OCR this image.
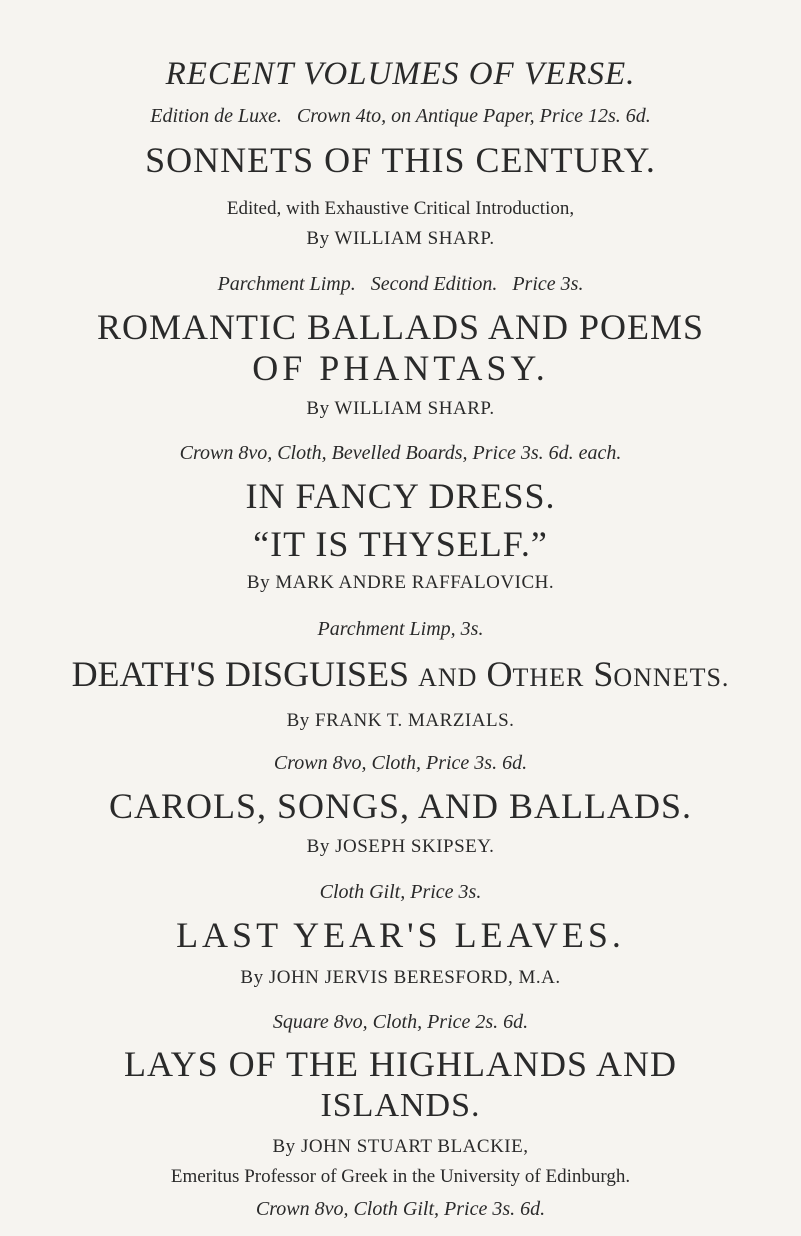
RECENT VOLUMES OF VERSE.

Edition de Luxe. Crown 4to, on Antique Paper, Price 12s. 6d.

SONNETS OF THIS CENTURY.

Edited, with Exhaustive Critical Introduction,

By WILLIAM SHARP.

Parchment Limp. Second Edition. Price 3s.

ROMANTIC BALLADS AND POEMS

OF PHANTASY.

By WILLIAM SHARP.

Crown 8vo, Cloth, Bevelled Boards, Price 3s. 6d. each.

IN FANCY DRESS.

“IT IS THYSELF.”

By MARK ANDRE RAFFALOVICH.

Parchment Limp, 3s.

DEATH'S DISGUISES AND OTHER SONNETS.

By FRANK T. MARZIALS.

Crown 8vo, Cloth, Price 3s. 6d.

CAROLS, SONGS, AND BALLADS.

By JOSEPH SKIPSEY.

Cloth Gilt, Price 3s.

LAST YEAR'S LEAVES.

By JOHN JERVIS BERESFORD, M.A.

Square 8vo, Cloth, Price 2s. 6d.

LAYS OF THE HIGHLANDS AND

ISLANDS.

By JOHN STUART BLACKIE,

Emeritus Professor of Greek in the University of Edinburgh.

Crown 8vo, Cloth Gilt, Price 3s. 6d.
